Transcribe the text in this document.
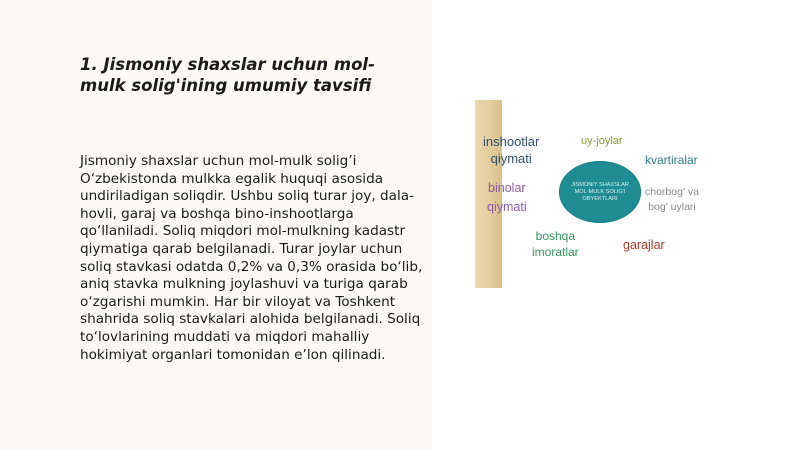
1. Jismoniy shaxslar uchun mol-mulk solig'ining umumiy tavsifi

Jismoniy shaxslar uchun mol-mulk solig’i O‘zbekistonda mulkka egalik huquqi asosida undiriladigan soliqdir. Ushbu soliq turar joy, dala-hovli, garaj va boshqa bino-inshootlarga qo‘llaniladi. Soliq miqdori mol-mulkning kadastr qiymatiga qarab belgilanadi. Turar joylar uchun soliq stavkasi odatda 0,2% va 0,3% orasida bo‘lib, aniq stavka mulkning joylashuvi va turiga qarab o‘zgarishi mumkin. Har bir viloyat va Toshkent shahrida soliq stavkalari alohida belgilanadi. Soliq to‘lovlarining muddati va miqdori mahalliy hokimiyat organlari tomonidan e’lon qilinadi.

inshootlar
qiymati
uy-joylar
kvartiralar
binolar
qiymati
JISMONIY SHAXSLAR MOL-MULK SOLIG'I OBYEKTLARI
chorbog' va
bog' uylari
boshqa
imoratlar	garajlar
